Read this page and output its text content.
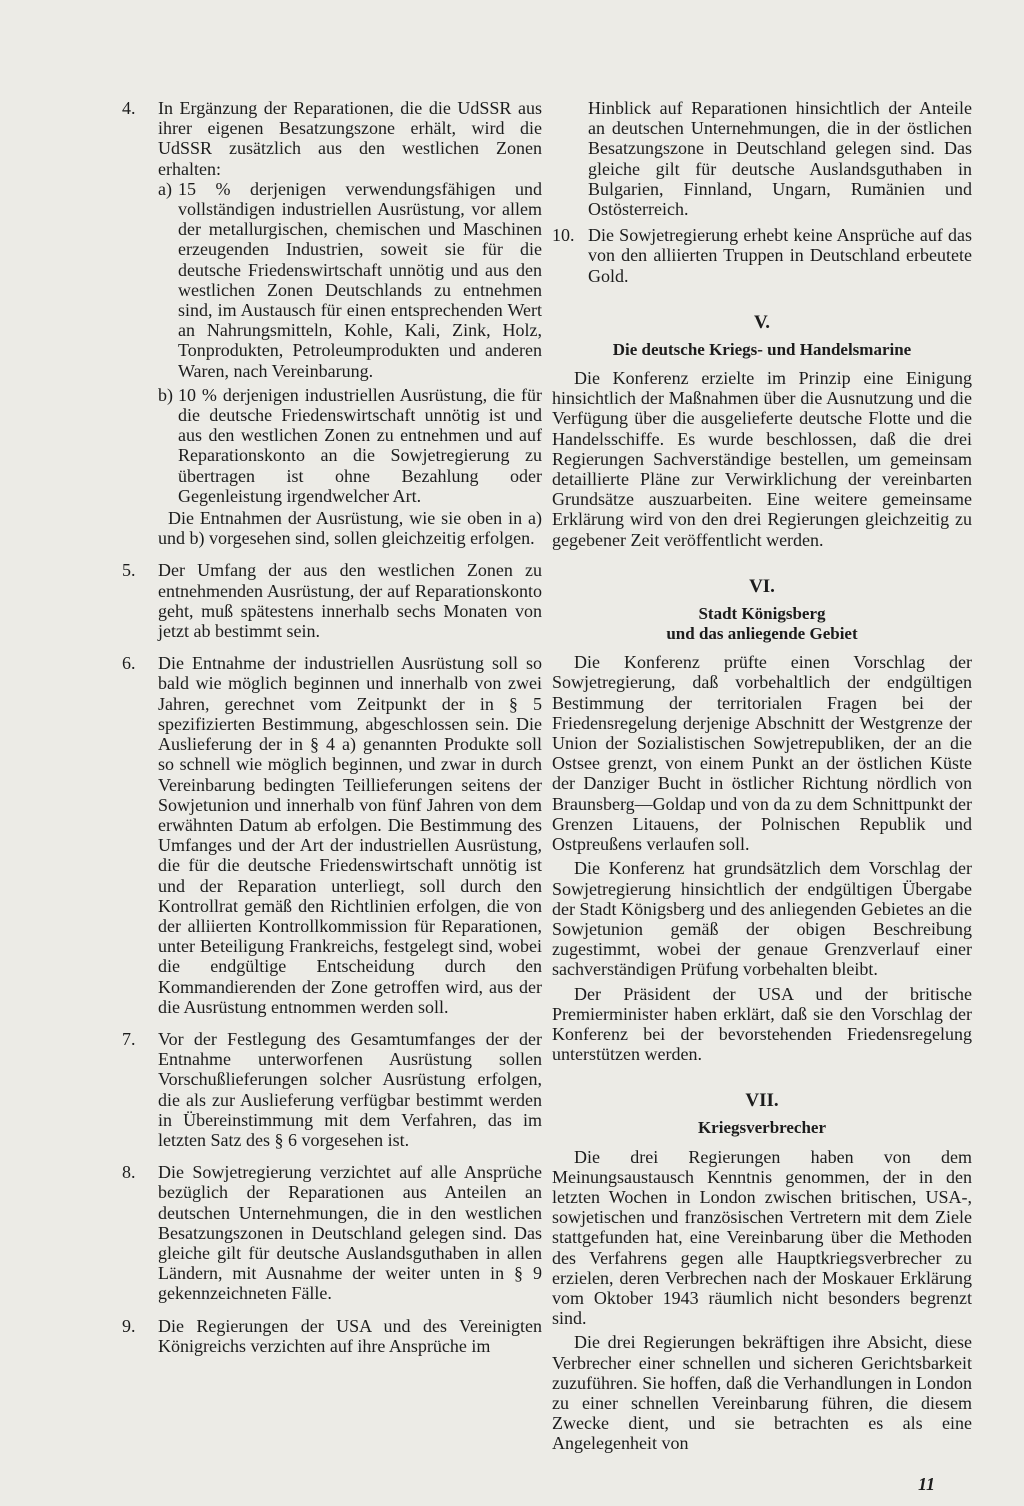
4. In Ergänzung der Reparationen, die die UdSSR aus ihrer eigenen Besatzungszone erhält, wird die UdSSR zusätzlich aus den westlichen Zonen erhalten:

a) 15 % derjenigen verwendungsfähigen und vollständigen industriellen Ausrüstung, vor allem der metallurgischen, chemischen und Maschinen erzeugenden Industrien, soweit sie für die deutsche Friedenswirtschaft unnötig und aus den westlichen Zonen Deutschlands zu entnehmen sind, im Austausch für einen entsprechenden Wert an Nahrungsmitteln, Kohle, Kali, Zink, Holz, Tonprodukten, Petroleumprodukten und anderen Waren, nach Vereinbarung.

b) 10 % derjenigen industriellen Ausrüstung, die für die deutsche Friedenswirtschaft unnötig ist und aus den westlichen Zonen zu entnehmen und auf Reparationskonto an die Sowjetregierung zu übertragen ist ohne Bezahlung oder Gegenleistung irgendwelcher Art.

Die Entnahmen der Ausrüstung, wie sie oben in a) und b) vorgesehen sind, sollen gleichzeitig erfolgen.

5. Der Umfang der aus den westlichen Zonen zu entnehmenden Ausrüstung, der auf Reparationskonto geht, muß spätestens innerhalb sechs Monaten von jetzt ab bestimmt sein.

6. Die Entnahme der industriellen Ausrüstung soll so bald wie möglich beginnen und innerhalb von zwei Jahren, gerechnet vom Zeitpunkt der in § 5 spezifizierten Bestimmung, abgeschlossen sein. Die Auslieferung der in § 4 a) genannten Produkte soll so schnell wie möglich beginnen, und zwar in durch Vereinbarung bedingten Teillieferungen seitens der Sowjetunion und innerhalb von fünf Jahren von dem erwähnten Datum ab erfolgen. Die Bestimmung des Umfanges und der Art der industriellen Ausrüstung, die für die deutsche Friedenswirtschaft unnötig ist und der Reparation unterliegt, soll durch den Kontrollrat gemäß den Richtlinien erfolgen, die von der alliierten Kontrollkommission für Reparationen, unter Beteiligung Frankreichs, festgelegt sind, wobei die endgültige Entscheidung durch den Kommandierenden der Zone getroffen wird, aus der die Ausrüstung entnommen werden soll.

7. Vor der Festlegung des Gesamtumfanges der der Entnahme unterworfenen Ausrüstung sollen Vorschußlieferungen solcher Ausrüstung erfolgen, die als zur Auslieferung verfügbar bestimmt werden in Übereinstimmung mit dem Verfahren, das im letzten Satz des § 6 vorgesehen ist.

8. Die Sowjetregierung verzichtet auf alle Ansprüche bezüglich der Reparationen aus Anteilen an deutschen Unternehmungen, die in den westlichen Besatzungszonen in Deutschland gelegen sind. Das gleiche gilt für deutsche Auslandsguthaben in allen Ländern, mit Ausnahme der weiter unten in § 9 gekennzeichneten Fälle.

9. Die Regierungen der USA und des Vereinigten Königreichs verzichten auf ihre Ansprüche im

Hinblick auf Reparationen hinsichtlich der Anteile an deutschen Unternehmungen, die in der östlichen Besatzungszone in Deutschland gelegen sind. Das gleiche gilt für deutsche Auslandsguthaben in Bulgarien, Finnland, Ungarn, Rumänien und Ostösterreich.

10. Die Sowjetregierung erhebt keine Ansprüche auf das von den alliierten Truppen in Deutschland erbeutete Gold.

V.
Die deutsche Kriegs- und Handelsmarine

Die Konferenz erzielte im Prinzip eine Einigung hinsichtlich der Maßnahmen über die Ausnutzung und die Verfügung über die ausgelieferte deutsche Flotte und die Handelsschiffe. Es wurde beschlossen, daß die drei Regierungen Sachverständige bestellen, um gemeinsam detaillierte Pläne zur Verwirklichung der vereinbarten Grundsätze auszuarbeiten. Eine weitere gemeinsame Erklärung wird von den drei Regierungen gleichzeitig zu gegebener Zeit veröffentlicht werden.

VI.
Stadt Königsberg
und das anliegende Gebiet

Die Konferenz prüfte einen Vorschlag der Sowjetregierung, daß vorbehaltlich der endgültigen Bestimmung der territorialen Fragen bei der Friedensregelung derjenige Abschnitt der Westgrenze der Union der Sozialistischen Sowjetrepubliken, der an die Ostsee grenzt, von einem Punkt an der östlichen Küste der Danziger Bucht in östlicher Richtung nördlich von Braunsberg—Goldap und von da zu dem Schnittpunkt der Grenzen Litauens, der Polnischen Republik und Ostpreußens verlaufen soll.

Die Konferenz hat grundsätzlich dem Vorschlag der Sowjetregierung hinsichtlich der endgültigen Übergabe der Stadt Königsberg und des anliegenden Gebietes an die Sowjetunion gemäß der obigen Beschreibung zugestimmt, wobei der genaue Grenzverlauf einer sachverständigen Prüfung vorbehalten bleibt.

Der Präsident der USA und der britische Premierminister haben erklärt, daß sie den Vorschlag der Konferenz bei der bevorstehenden Friedensregelung unterstützen werden.

VII.
Kriegsverbrecher

Die drei Regierungen haben von dem Meinungsaustausch Kenntnis genommen, der in den letzten Wochen in London zwischen britischen, USA-, sowjetischen und französischen Vertretern mit dem Ziele stattgefunden hat, eine Vereinbarung über die Methoden des Verfahrens gegen alle Hauptkriegsverbrecher zu erzielen, deren Verbrechen nach der Moskauer Erklärung vom Oktober 1943 räumlich nicht besonders begrenzt sind.

Die drei Regierungen bekräftigen ihre Absicht, diese Verbrecher einer schnellen und sicheren Gerichtsbarkeit zuzuführen. Sie hoffen, daß die Verhandlungen in London zu einer schnellen Vereinbarung führen, die diesem Zwecke dient, und sie betrachten es als eine Angelegenheit von

11
